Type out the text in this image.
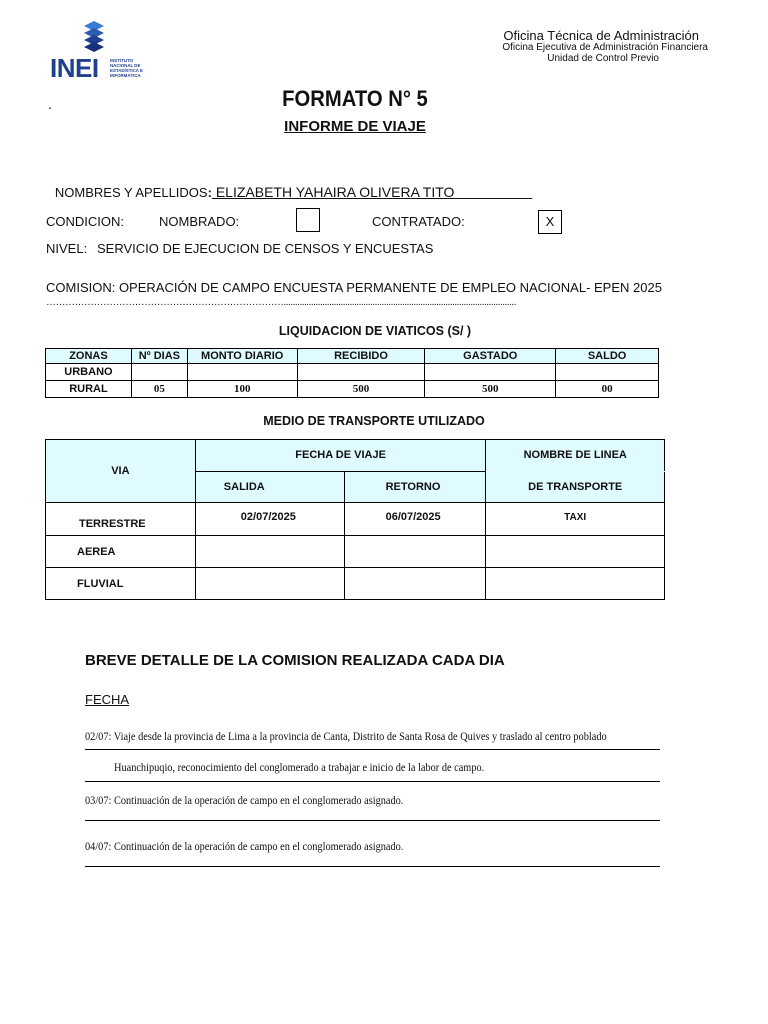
INEI	INSTITUTO
NACIONAL DE
ESTADÍSTICA E
INFORMÁTICA
Oficina Técnica de Administración
Oficina Ejecutiva de Administración Financiera
Unidad de Control Previo
.	FORMATO N° 5
INFORME DE VIAJE

NOMBRES Y APELLIDOS: ELIZABETH YAHAIRA OLIVERA TITO

CONDICION:	NOMBRADO:	CONTRATADO:	X
NIVEL: SERVICIO DE EJECUCION DE CENSOS Y ENCUESTAS
COMISION: OPERACIÓN DE CAMPO ENCUESTA PERMANENTE DE EMPLEO NACIONAL- EPEN 2025
…………………………………………………………………......................................................................................................
LIQUIDACION DE VIATICOS (S/ )
ZONAS	Nº DIAS	MONTO DIARIO	RECIBIDO	GASTADO	SALDO
URBANO					
RURAL	05	100	500	500	00
MEDIO DE TRANSPORTE UTILIZADO
VIA	FECHA DE VIAJE		NOMBRE DE LINEA
	SALIDA	RETORNO	DE TRANSPORTE
TERRESTRE	02/07/2025	06/07/2025	TAXI
AEREA			
FLUVIAL			
BREVE DETALLE DE LA COMISION REALIZADA CADA DIA
FECHA
02/07: Viaje desde la provincia de Lima a la provincia de Canta, Distrito de Santa Rosa de Quives y traslado al centro poblado
Huanchipuqio, reconocimiento del conglomerado a trabajar e inicio de la labor de campo.
03/07: Continuación de la operación de campo en el conglomerado asignado.
04/07: Continuación de la operación de campo en el conglomerado asignado.
